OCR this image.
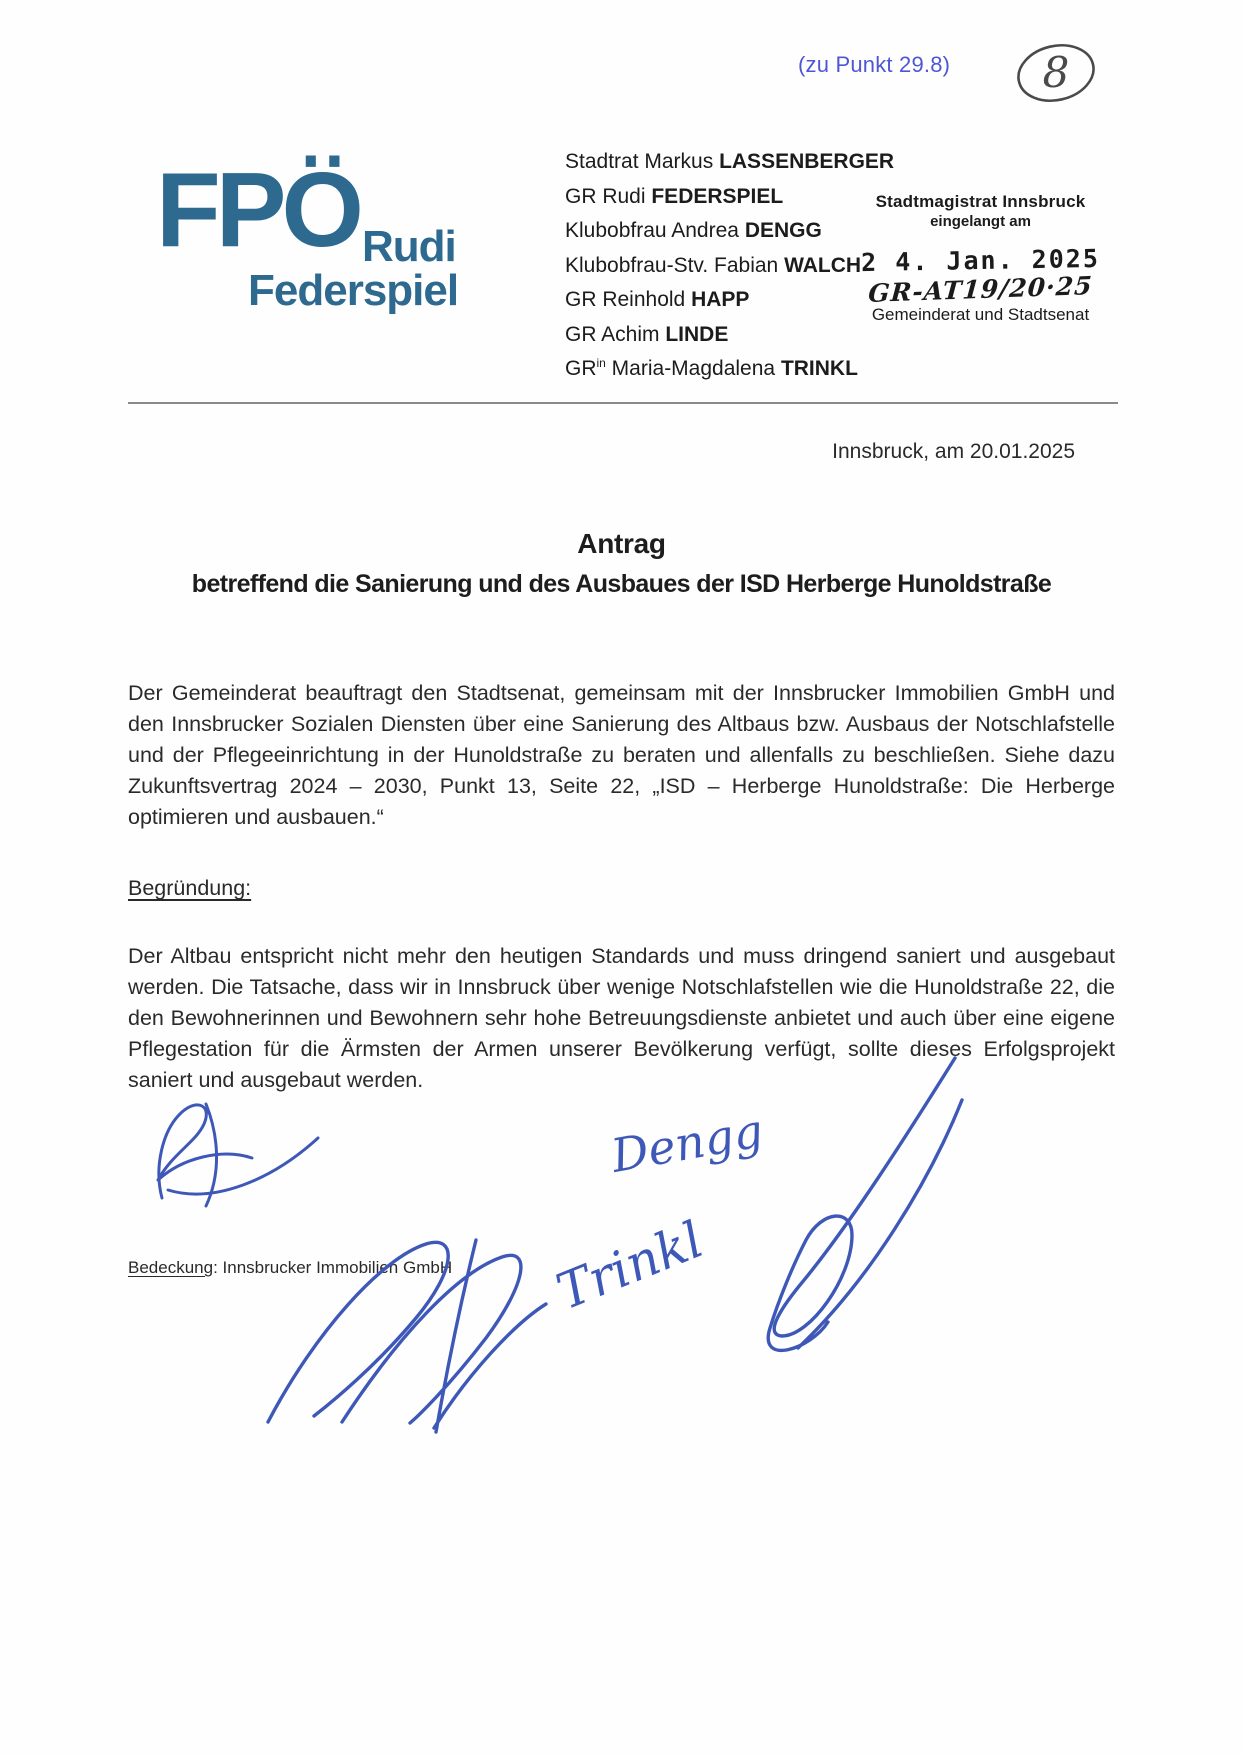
(zu Punkt 29.8) 8
FPÖ Rudi
Federspiel
Stadtrat Markus LASSENBERGER
GR Rudi FEDERSPIEL
Klubobfrau Andrea DENGG
Klubobfrau-Stv. Fabian WALCH
GR Reinhold HAPP
GR Achim LINDE
$GR^{in}$ Maria-Magdalena TRINKL
Stadtmagistrat Innsbruck
eingelangt am
2 4. Jan. 2025
GR-AT19/20·25
Gemeinderat und Stadtsenat
Innsbruck, am 20.01.2025
Antrag
betreffend die Sanierung und des Ausbaues der ISD Herberge Hunoldstraße

Der Gemeinderat beauftragt den Stadtsenat, gemeinsam mit der Innsbrucker Immobilien GmbH und den Innsbrucker Sozialen Diensten über eine Sanierung des Altbaus bzw. Ausbaus der Notschlafstelle und der Pflegeeinrichtung in der Hunoldstraße zu beraten und allenfalls zu beschließen. Siehe dazu Zukunftsvertrag 2024 – 2030, Punkt 13, Seite 22, „ISD – Herberge Hunoldstraße: Die Herberge optimieren und ausbauen.“

Begründung:

Der Altbau entspricht nicht mehr den heutigen Standards und muss dringend saniert und ausgebaut werden. Die Tatsache, dass wir in Innsbruck über wenige Notschlafstellen wie die Hunoldstraße 22, die den Bewohnerinnen und Bewohnern sehr hohe Betreuungsdienste anbietet und auch über eine eigene Pflegestation für die Ärmsten der Armen unserer Bevölkerung verfügt, sollte dieses Erfolgsprojekt saniert und ausgebaut werden.

Bedeckung: Innsbrucker Immobilien GmbH
Dengg
Trinkl
